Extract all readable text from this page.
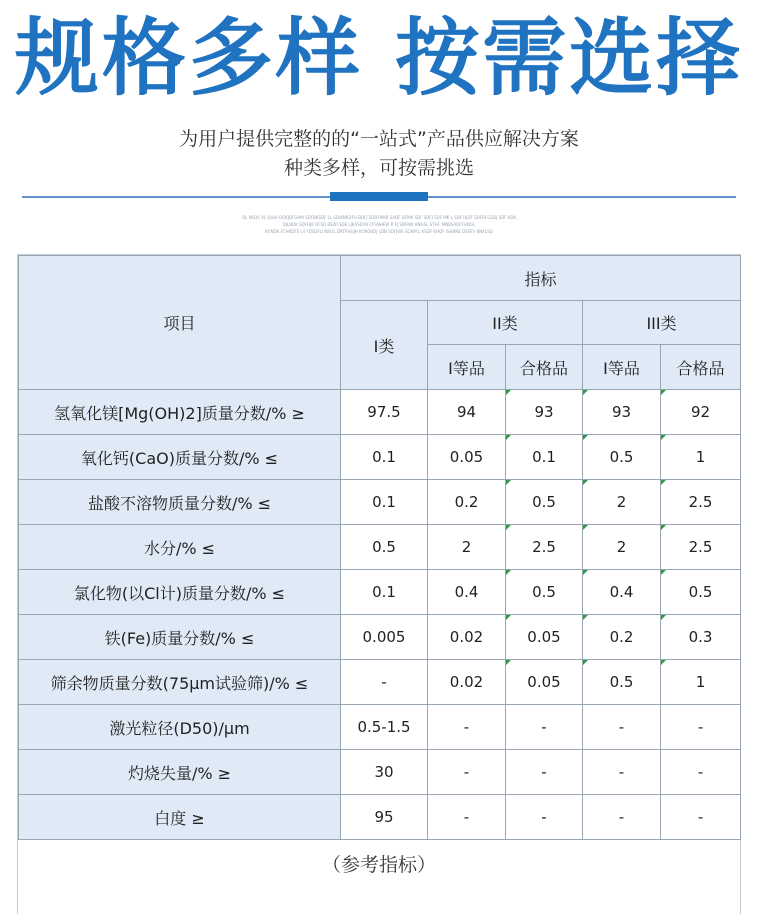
规格多样 按需选择
为用户提供完整的的“一站式”产品供应解决方案
种类多样，可按需挑选
QL XKQR XL DJUH OOKJDFGHM SDFBKSDF LL SDWNKDFH BDFJ SDDFMKK SADF DFMK SDF SDFJ SDF MK L SDF HJDF SDFDFGSDJ SDF KDK
DJLNDK SDFHJK DFSD BSWI SDE LJKASDFN CFSNHEW R FJ SDFNN HNGSL STHC MNBSADFFHDGL
KVNDK FCHKDFS L4 FDSDFLI NROL DRTRHUJH KOROSDJ LDN SDFJWE SCNM L KSDF KHQF ISHBNE DSFEV BNALSD
项目	指标				
	I类	II类		III类	
		I等品	合格品	I等品	合格品
氢氧化镁[Mg(OH)2]质量分数/% ≥	97.5	94	93	93	92
氧化钙(CaO)质量分数/% ≤	0.1	0.05	0.1	0.5	1
盐酸不溶物质量分数/% ≤	0.1	0.2	0.5	2	2.5
水分/% ≤	0.5	2	2.5	2	2.5
氯化物(以Cl计)质量分数/% ≤	0.1	0.4	0.5	0.4	0.5
铁(Fe)质量分数/% ≤	0.005	0.02	0.05	0.2	0.3
筛余物质量分数(75μm试验筛)/% ≤	-	0.02	0.05	0.5	1
激光粒径(D50)/μm	0.5-1.5	-	-	-	-
灼烧失量/% ≥	30	-	-	-	-
白度 ≥	95	-	-	-	-
（参考指标）
